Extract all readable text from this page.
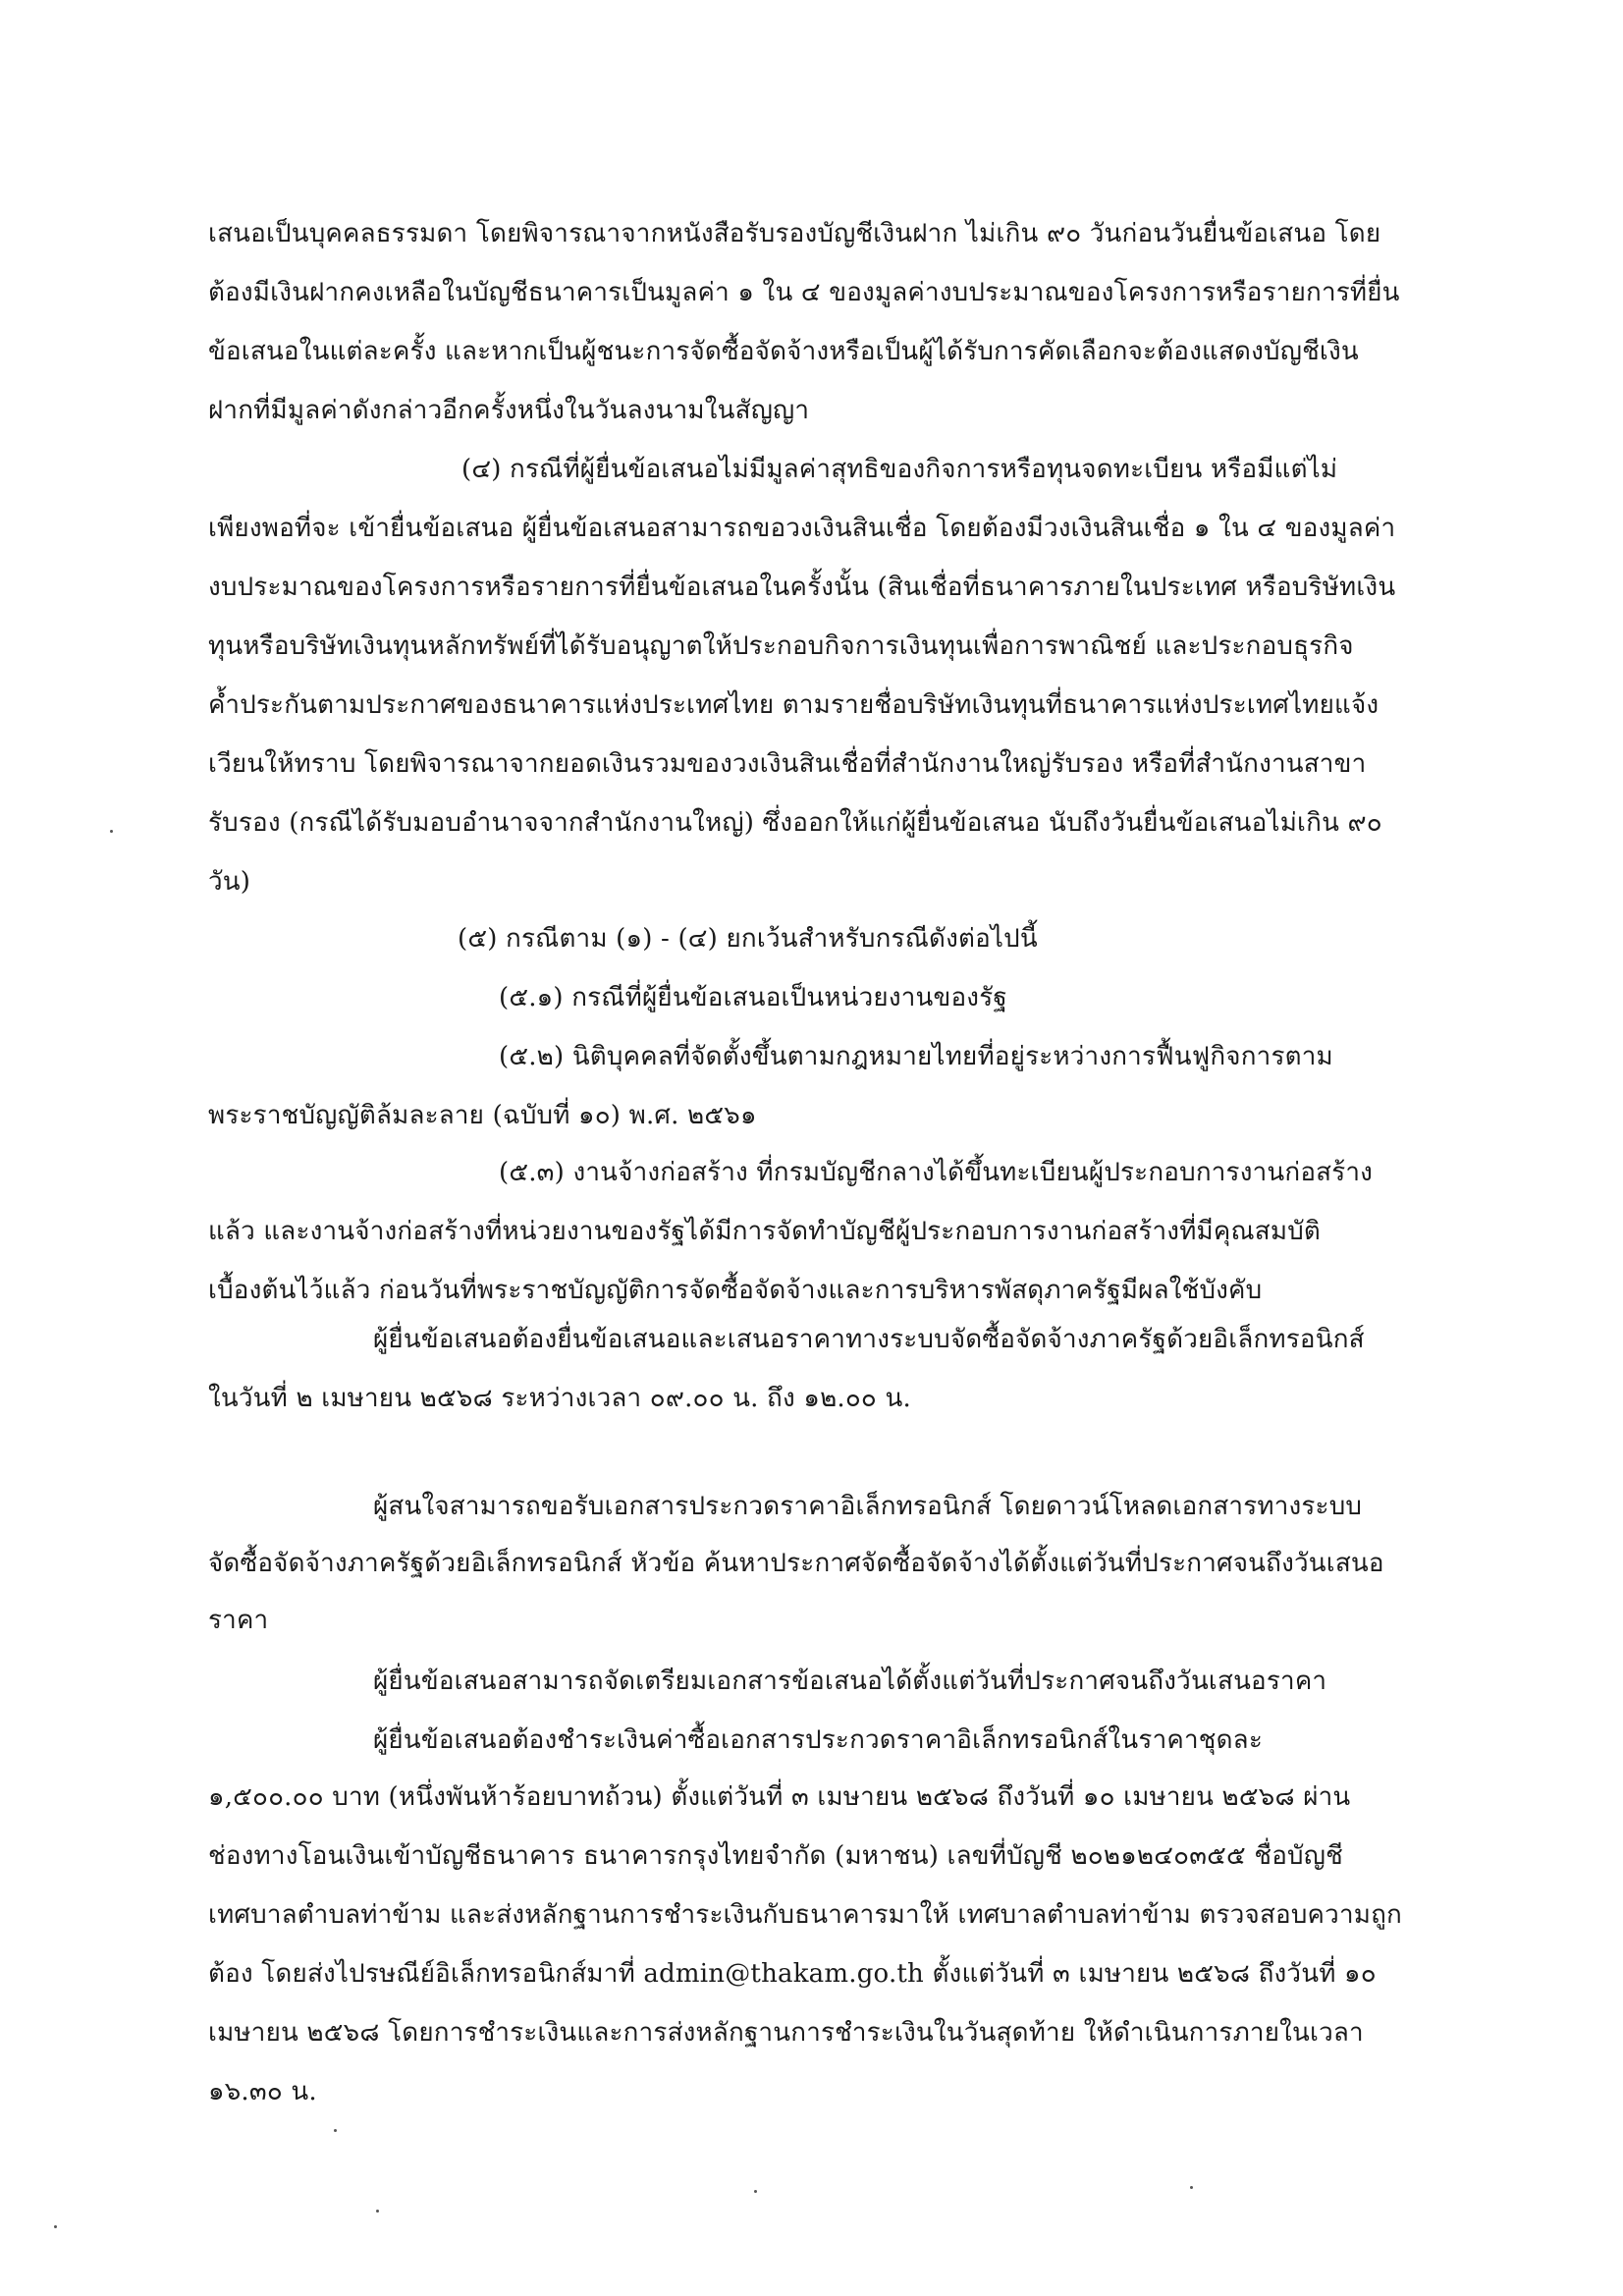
เสนอเป็นบุคคลธรรมดา โดยพิจารณาจากหนังสือรับรองบัญชีเงินฝาก ไม่เกิน ๙๐ วันก่อนวันยื่นข้อเสนอ โดย
ต้องมีเงินฝากคงเหลือในบัญชีธนาคารเป็นมูลค่า ๑ ใน ๔ ของมูลค่างบประมาณของโครงการหรือรายการที่ยื่น
ข้อเสนอในแต่ละครั้ง และหากเป็นผู้ชนะการจัดซื้อจัดจ้างหรือเป็นผู้ได้รับการคัดเลือกจะต้องแสดงบัญชีเงิน
ฝากที่มีมูลค่าดังกล่าวอีกครั้งหนึ่งในวันลงนามในสัญญา
(๔) กรณีที่ผู้ยื่นข้อเสนอไม่มีมูลค่าสุทธิของกิจการหรือทุนจดทะเบียน หรือมีแต่ไม่
เพียงพอที่จะ เข้ายื่นข้อเสนอ ผู้ยื่นข้อเสนอสามารถขอวงเงินสินเชื่อ โดยต้องมีวงเงินสินเชื่อ ๑ ใน ๔ ของมูลค่า
งบประมาณของโครงการหรือรายการที่ยื่นข้อเสนอในครั้งนั้น (สินเชื่อที่ธนาคารภายในประเทศ หรือบริษัทเงิน
ทุนหรือบริษัทเงินทุนหลักทรัพย์ที่ได้รับอนุญาตให้ประกอบกิจการเงินทุนเพื่อการพาณิชย์ และประกอบธุรกิจ
ค้ำประกันตามประกาศของธนาคารแห่งประเทศไทย ตามรายชื่อบริษัทเงินทุนที่ธนาคารแห่งประเทศไทยแจ้ง
เวียนให้ทราบ โดยพิจารณาจากยอดเงินรวมของวงเงินสินเชื่อที่สำนักงานใหญ่รับรอง หรือที่สำนักงานสาขา
รับรอง (กรณีได้รับมอบอำนาจจากสำนักงานใหญ่) ซึ่งออกให้แก่ผู้ยื่นข้อเสนอ นับถึงวันยื่นข้อเสนอไม่เกิน ๙๐
วัน)
(๕) กรณีตาม (๑) - (๔) ยกเว้นสำหรับกรณีดังต่อไปนี้
(๕.๑) กรณีที่ผู้ยื่นข้อเสนอเป็นหน่วยงานของรัฐ
(๕.๒) นิติบุคคลที่จัดตั้งขึ้นตามกฎหมายไทยที่อยู่ระหว่างการฟื้นฟูกิจการตาม
พระราชบัญญัติล้มละลาย (ฉบับที่ ๑๐) พ.ศ. ๒๕๖๑
(๕.๓) งานจ้างก่อสร้าง ที่กรมบัญชีกลางได้ขึ้นทะเบียนผู้ประกอบการงานก่อสร้าง
แล้ว และงานจ้างก่อสร้างที่หน่วยงานของรัฐได้มีการจัดทำบัญชีผู้ประกอบการงานก่อสร้างที่มีคุณสมบัติ
เบื้องต้นไว้แล้ว ก่อนวันที่พระราชบัญญัติการจัดซื้อจัดจ้างและการบริหารพัสดุภาครัฐมีผลใช้บังคับ
ผู้ยื่นข้อเสนอต้องยื่นข้อเสนอและเสนอราคาทางระบบจัดซื้อจัดจ้างภาครัฐด้วยอิเล็กทรอนิกส์
ในวันที่ ๒ เมษายน ๒๕๖๘ ระหว่างเวลา ๐๙.๐๐ น. ถึง ๑๒.๐๐ น.
ผู้สนใจสามารถขอรับเอกสารประกวดราคาอิเล็กทรอนิกส์ โดยดาวน์โหลดเอกสารทางระบบ
จัดซื้อจัดจ้างภาครัฐด้วยอิเล็กทรอนิกส์ หัวข้อ ค้นหาประกาศจัดซื้อจัดจ้างได้ตั้งแต่วันที่ประกาศจนถึงวันเสนอ
ราคา
ผู้ยื่นข้อเสนอสามารถจัดเตรียมเอกสารข้อเสนอได้ตั้งแต่วันที่ประกาศจนถึงวันเสนอราคา
ผู้ยื่นข้อเสนอต้องชำระเงินค่าซื้อเอกสารประกวดราคาอิเล็กทรอนิกส์ในราคาชุดละ
๑,๕๐๐.๐๐ บาท (หนึ่งพันห้าร้อยบาทถ้วน) ตั้งแต่วันที่ ๓ เมษายน ๒๕๖๘ ถึงวันที่ ๑๐ เมษายน ๒๕๖๘ ผ่าน
ช่องทางโอนเงินเข้าบัญชีธนาคาร ธนาคารกรุงไทยจำกัด (มหาชน) เลขที่บัญชี ๒๐๒๑๒๔๐๓๕๕ ชื่อบัญชี
เทศบาลตำบลท่าข้าม และส่งหลักฐานการชำระเงินกับธนาคารมาให้ เทศบาลตำบลท่าข้าม ตรวจสอบความถูก
ต้อง โดยส่งไปรษณีย์อิเล็กทรอนิกส์มาที่ admin@thakam.go.th ตั้งแต่วันที่ ๓ เมษายน ๒๕๖๘ ถึงวันที่ ๑๐
เมษายน ๒๕๖๘ โดยการชำระเงินและการส่งหลักฐานการชำระเงินในวันสุดท้าย ให้ดำเนินการภายในเวลา
๑๖.๓๐ น.
